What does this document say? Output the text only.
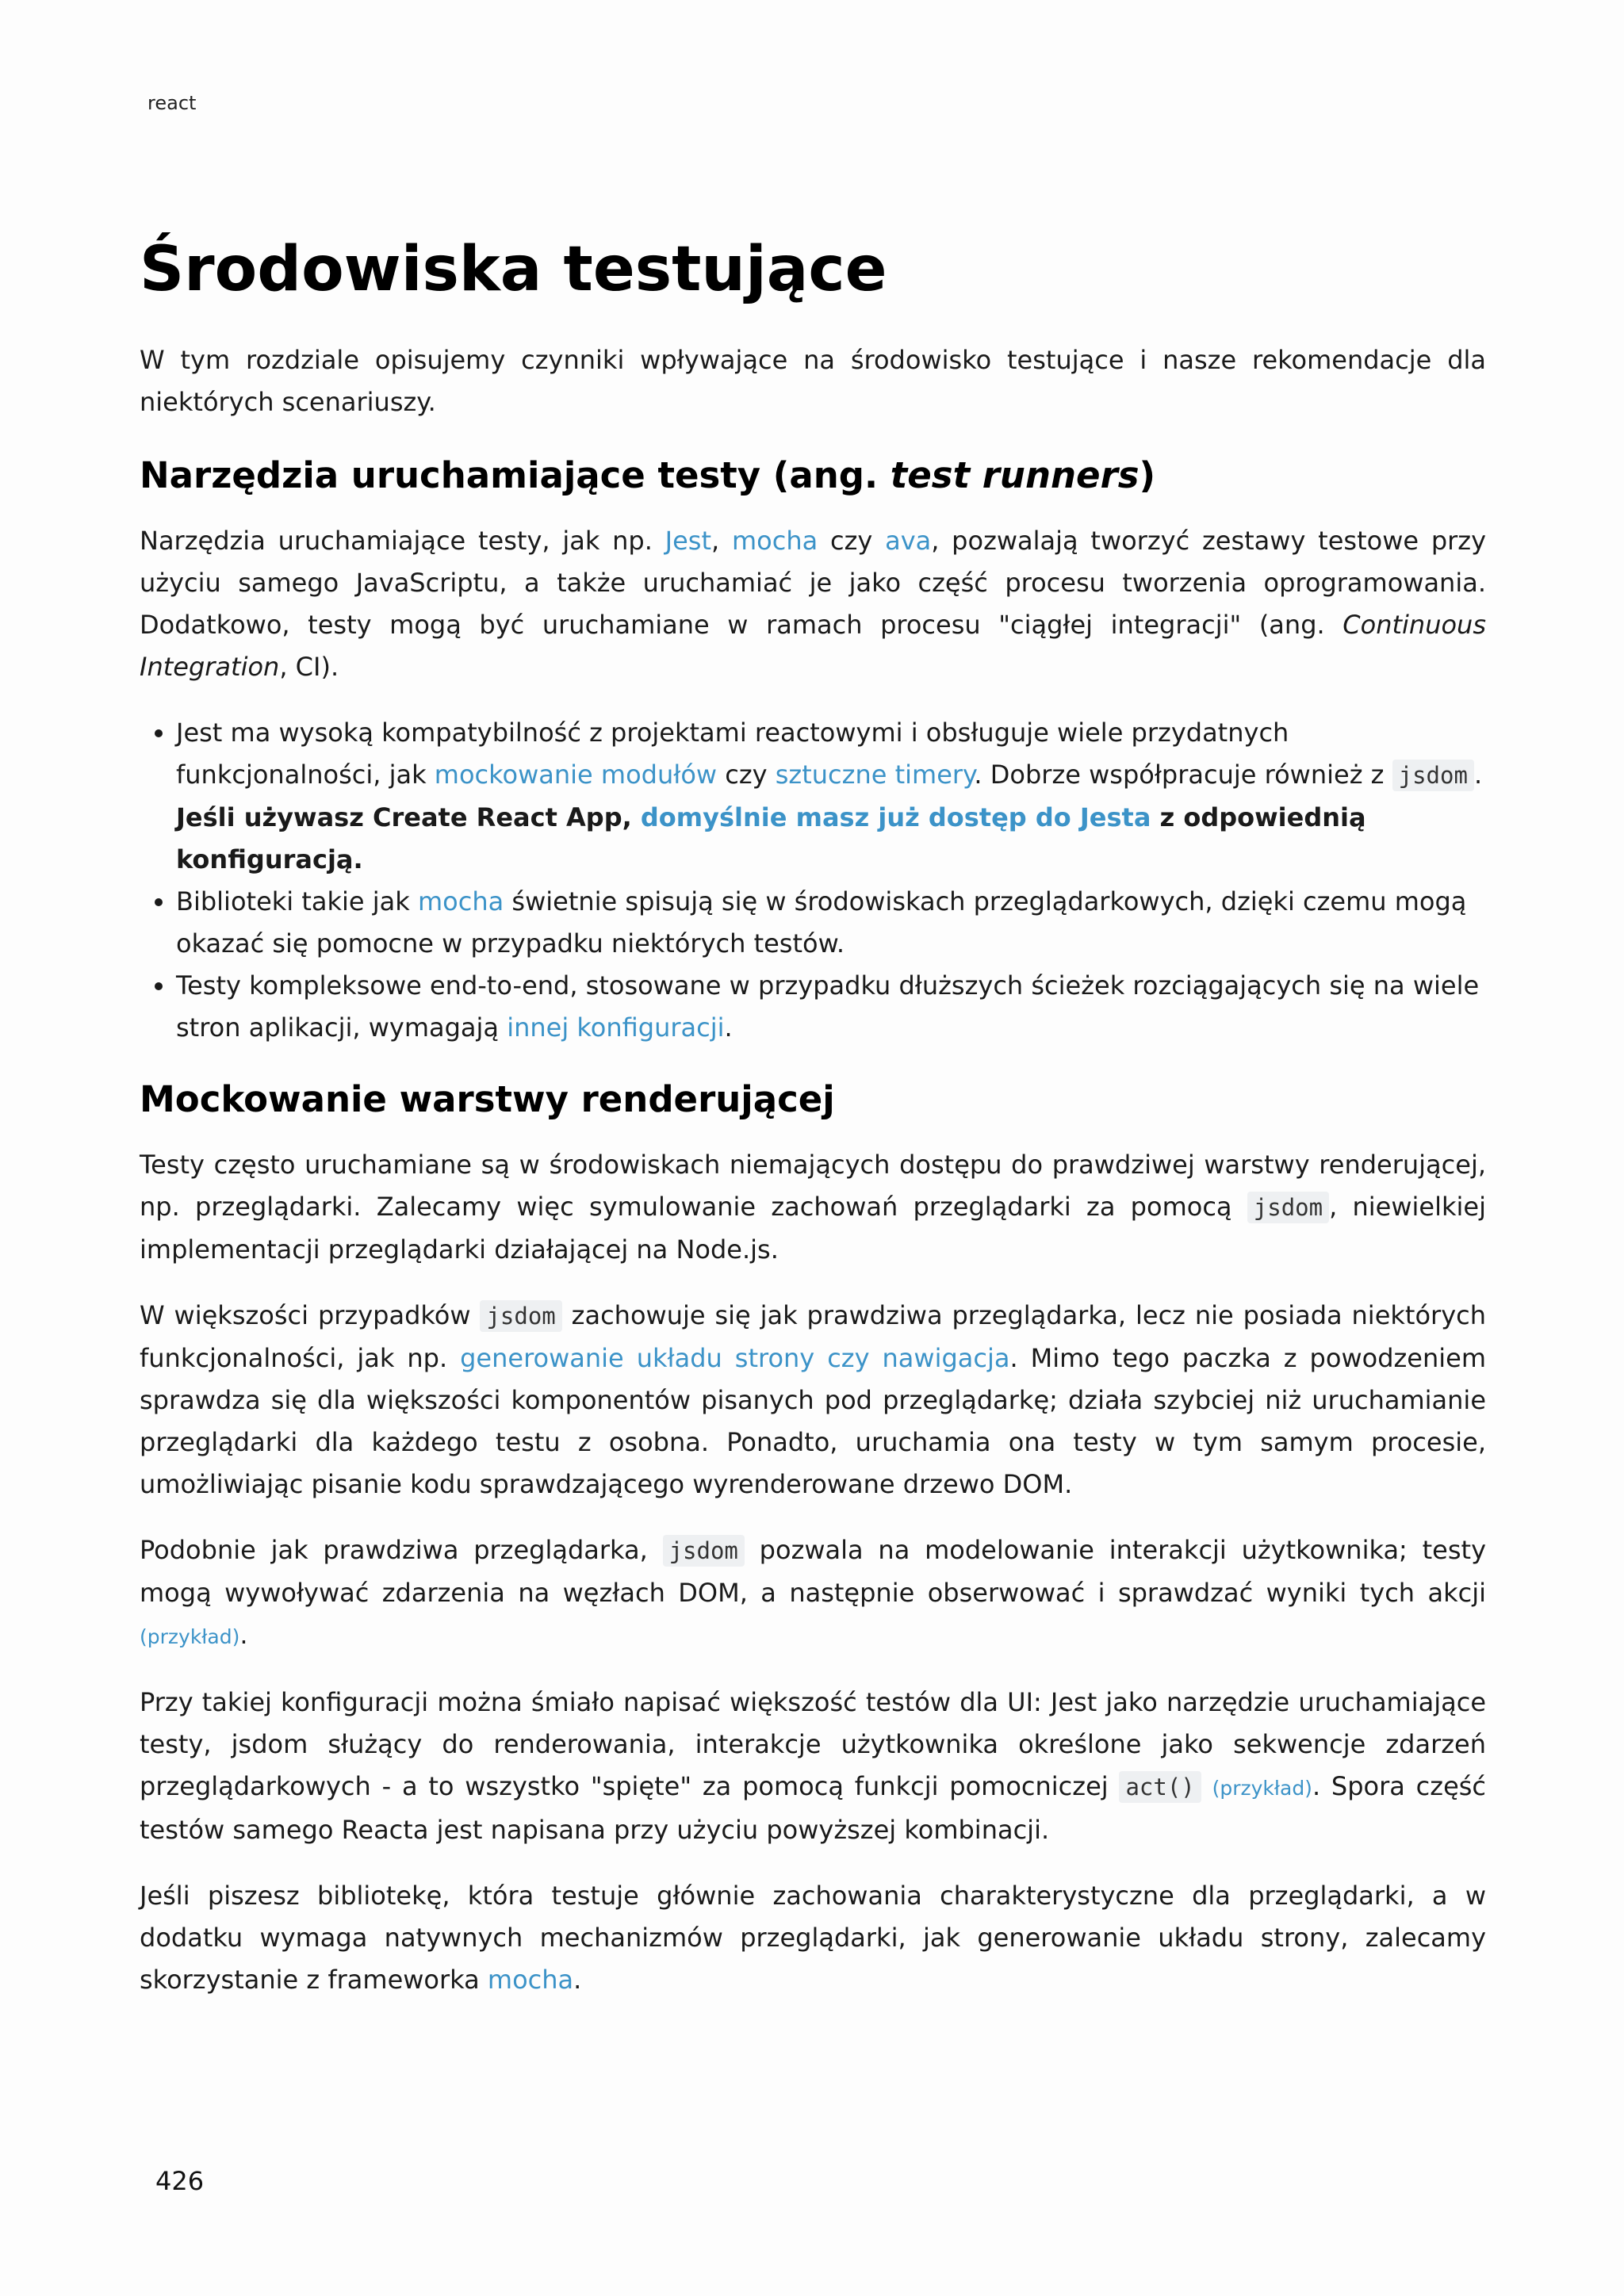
react
Środowiska testujące

W tym rozdziale opisujemy czynniki wpływające na środowisko testujące i nasze rekomendacje dla niektórych scenariuszy.

Narzędzia uruchamiające testy (ang. test runners)

Narzędzia uruchamiające testy, jak np. Jest, mocha czy ava, pozwalają tworzyć zestawy testowe przy użyciu samego JavaScriptu, a także uruchamiać je jako część procesu tworzenia oprogramowania. Dodatkowo, testy mogą być uruchamiane w ramach procesu "ciągłej integracji" (ang. Continuous Integration, CI).

• Jest ma wysoką kompatybilność z projektami reactowymi i obsługuje wiele przydatnych funkcjonalności, jak mockowanie modułów czy sztuczne timery. Dobrze współpracuje również z jsdom . Jeśli używasz Create React App, domyślnie masz już dostęp do Jesta z odpowiednią konfiguracją.
• Biblioteki takie jak mocha świetnie spisują się w środowiskach przeglądarkowych, dzięki czemu mogą okazać się pomocne w przypadku niektórych testów.
• Testy kompleksowe end-to-end, stosowane w przypadku dłuższych ścieżek rozciągających się na wiele stron aplikacji, wymagają innej konfiguracji.
Mockowanie warstwy renderującej

Testy często uruchamiane są w środowiskach niemających dostępu do prawdziwej warstwy renderującej, np. przeglądarki. Zalecamy więc symulowanie zachowań przeglądarki za pomocą jsdom , niewielkiej implementacji przeglądarki działającej na Node.js.

W większości przypadków jsdom zachowuje się jak prawdziwa przeglądarka, lecz nie posiada niektórych funkcjonalności, jak np. generowanie układu strony czy nawigacja. Mimo tego paczka z powodzeniem sprawdza się dla większości komponentów pisanych pod przeglądarkę; działa szybciej niż uruchamianie przeglądarki dla każdego testu z osobna. Ponadto, uruchamia ona testy w tym samym procesie, umożliwiając pisanie kodu sprawdzającego wyrenderowane drzewo DOM.

Podobnie jak prawdziwa przeglądarka, jsdom pozwala na modelowanie interakcji użytkownika; testy mogą wywoływać zdarzenia na węzłach DOM, a następnie obserwować i sprawdzać wyniki tych akcji (przykład).

Przy takiej konfiguracji można śmiało napisać większość testów dla UI: Jest jako narzędzie uruchamiające testy, jsdom służący do renderowania, interakcje użytkownika określone jako sekwencje zdarzeń przeglądarkowych - a to wszystko "spięte" za pomocą funkcji pomocniczej act() (przykład). Spora część testów samego Reacta jest napisana przy użyciu powyższej kombinacji.

Jeśli piszesz bibliotekę, która testuje głównie zachowania charakterystyczne dla przeglądarki, a w dodatku wymaga natywnych mechanizmów przeglądarki, jak generowanie układu strony, zalecamy skorzystanie z frameworka mocha.

426
